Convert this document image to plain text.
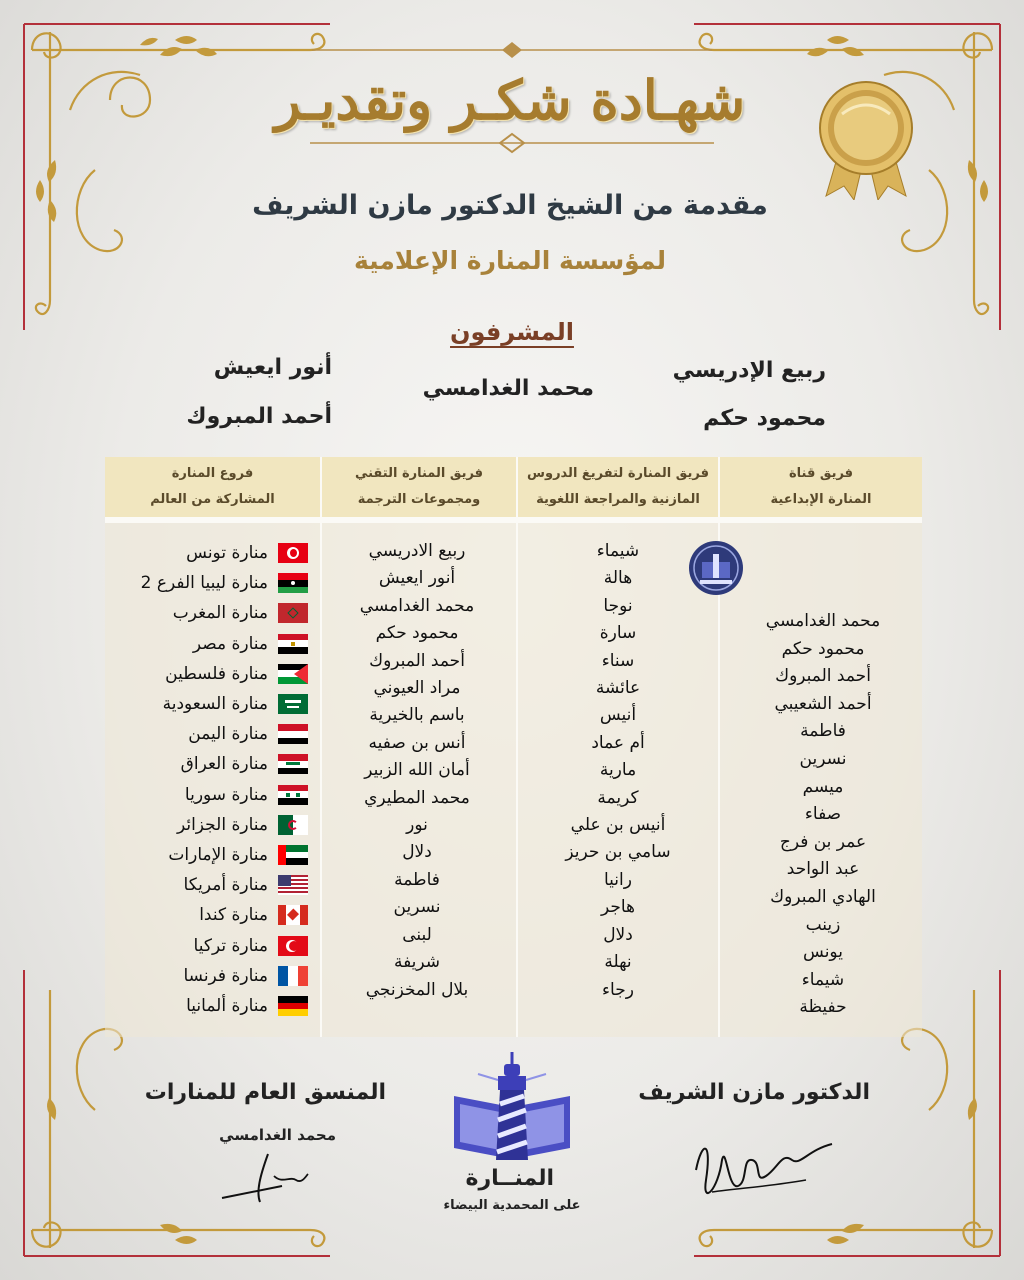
شهـادة شكـر وتقديـر
مقدمة من الشيخ الدكتور مازن الشريف
لمؤسسة المنارة الإعلامية
المشرفون
ربيع الإدريسي
محمود حكم
محمد الغدامسي
أنور ايعيش
أحمد المبروك
فريق قناة
المنارة الإبداعية
فريق المنارة لتفريغ الدروس
المازنية والمراجعة اللغوية
فريق المنارة التقني
ومجموعات الترجمة
فروع المنارة
المشاركة من العالم
محمد الغدامسي
محمود حكم
أحمد المبروك
أحمد الشعيبي
فاطمة
نسرين
ميسم
صفاء
عمر بن فرج
عبد الواحد
الهادي المبروك
زينب
يونس
شيماء
حفيظة
شيماء
هالة
نوجا
سارة
سناء
عائشة
أنيس
أم عماد
مارية
كريمة
أنيس بن علي
سامي بن حريز
رانيا
هاجر
دلال
نهلة
رجاء
ربيع الادريسي
أنور ايعيش
محمد الغدامسي
محمود حكم
أحمد المبروك
مراد العيوني
باسم بالخيرية
أنس بن صفيه
أمان الله الزبير
محمد المطيري
نور
دلال
فاطمة
نسرين
لبنى
شريفة
بلال المخزنجي
منارة تونس
منارة ليبيا الفرع 2
منارة المغرب
منارة مصر
منارة فلسطين
منارة السعودية
منارة اليمن
منارة العراق
منارة سوريا
منارة الجزائر
منارة الإمارات
منارة أمريكا
منارة كندا
منارة تركيا
منارة فرنسا
منارة ألمانيا
الدكتور مازن الشريف
المنسق العام للمنارات
محمد الغدامسي
المنــارة
على المحمدية البيضاء
